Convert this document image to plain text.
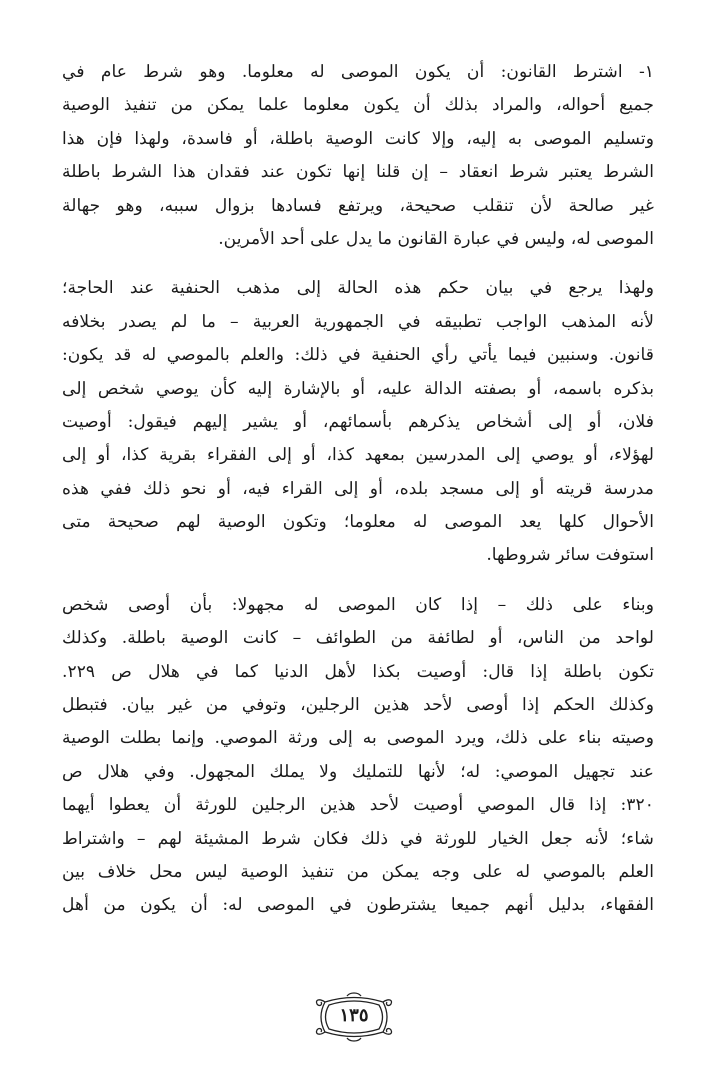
١- اشترط القانون: أن يكون الموصى له معلوما. وهو شرط عام في
جميع أحواله، والمراد بذلك أن يكون معلوما علما يمكن من تنفيذ الوصية
وتسليم الموصى به إليه، وإلا كانت الوصية باطلة، أو فاسدة، ولهذا فإن هذا
الشرط يعتبر شرط انعقاد – إن قلنا إنها تكون عند فقدان هذا الشرط باطلة
غير صالحة لأن تنقلب صحيحة، ويرتفع فسادها بزوال سببه، وهو جهالة
الموصى له، وليس في عبارة القانون ما يدل على أحد الأمرين.

ولهذا يرجع في بيان حكم هذه الحالة إلى مذهب الحنفية عند الحاجة؛
لأنه المذهب الواجب تطبيقه في الجمهورية العربية – ما لم يصدر بخلافه
قانون. وسنبين فيما يأتي رأي الحنفية في ذلك: والعلم بالموصي له قد يكون:
بذكره باسمه، أو بصفته الدالة عليه، أو بالإشارة إليه كأن يوصي شخص إلى
فلان، أو إلى أشخاص يذكرهم بأسمائهم، أو يشير إليهم فيقول: أوصيت
لهؤلاء، أو يوصي إلى المدرسين بمعهد كذا، أو إلى الفقراء بقرية كذا، أو إلى
مدرسة قريته أو إلى مسجد بلده، أو إلى القراء فيه، أو نحو ذلك ففي هذه
الأحوال كلها يعد الموصى له معلوما؛ وتكون الوصية لهم صحيحة متى
استوفت سائر شروطها.

وبناء على ذلك – إذا كان الموصى له مجهولا: بأن أوصى شخص
لواحد من الناس، أو لطائفة من الطوائف – كانت الوصية باطلة. وكذلك
تكون باطلة إذا قال: أوصيت بكذا لأهل الدنيا كما في هلال ص ٢٢٩.
وكذلك الحكم إذا أوصى لأحد هذين الرجلين، وتوفي من غير بيان. فتبطل
وصيته بناء على ذلك، ويرد الموصى به إلى ورثة الموصي. وإنما بطلت الوصية
عند تجهيل الموصي: له؛ لأنها للتمليك ولا يملك المجهول. وفي هلال ص
٣٢٠: إذا قال الموصي أوصيت لأحد هذين الرجلين للورثة أن يعطوا أيهما
شاء؛ لأنه جعل الخيار للورثة في ذلك فكان شرط المشيئة لهم – واشتراط
العلم بالموصي له على وجه يمكن من تنفيذ الوصية ليس محل خلاف بين
الفقهاء، بدليل أنهم جميعا يشترطون في الموصى له: أن يكون من أهل

١٣٥
